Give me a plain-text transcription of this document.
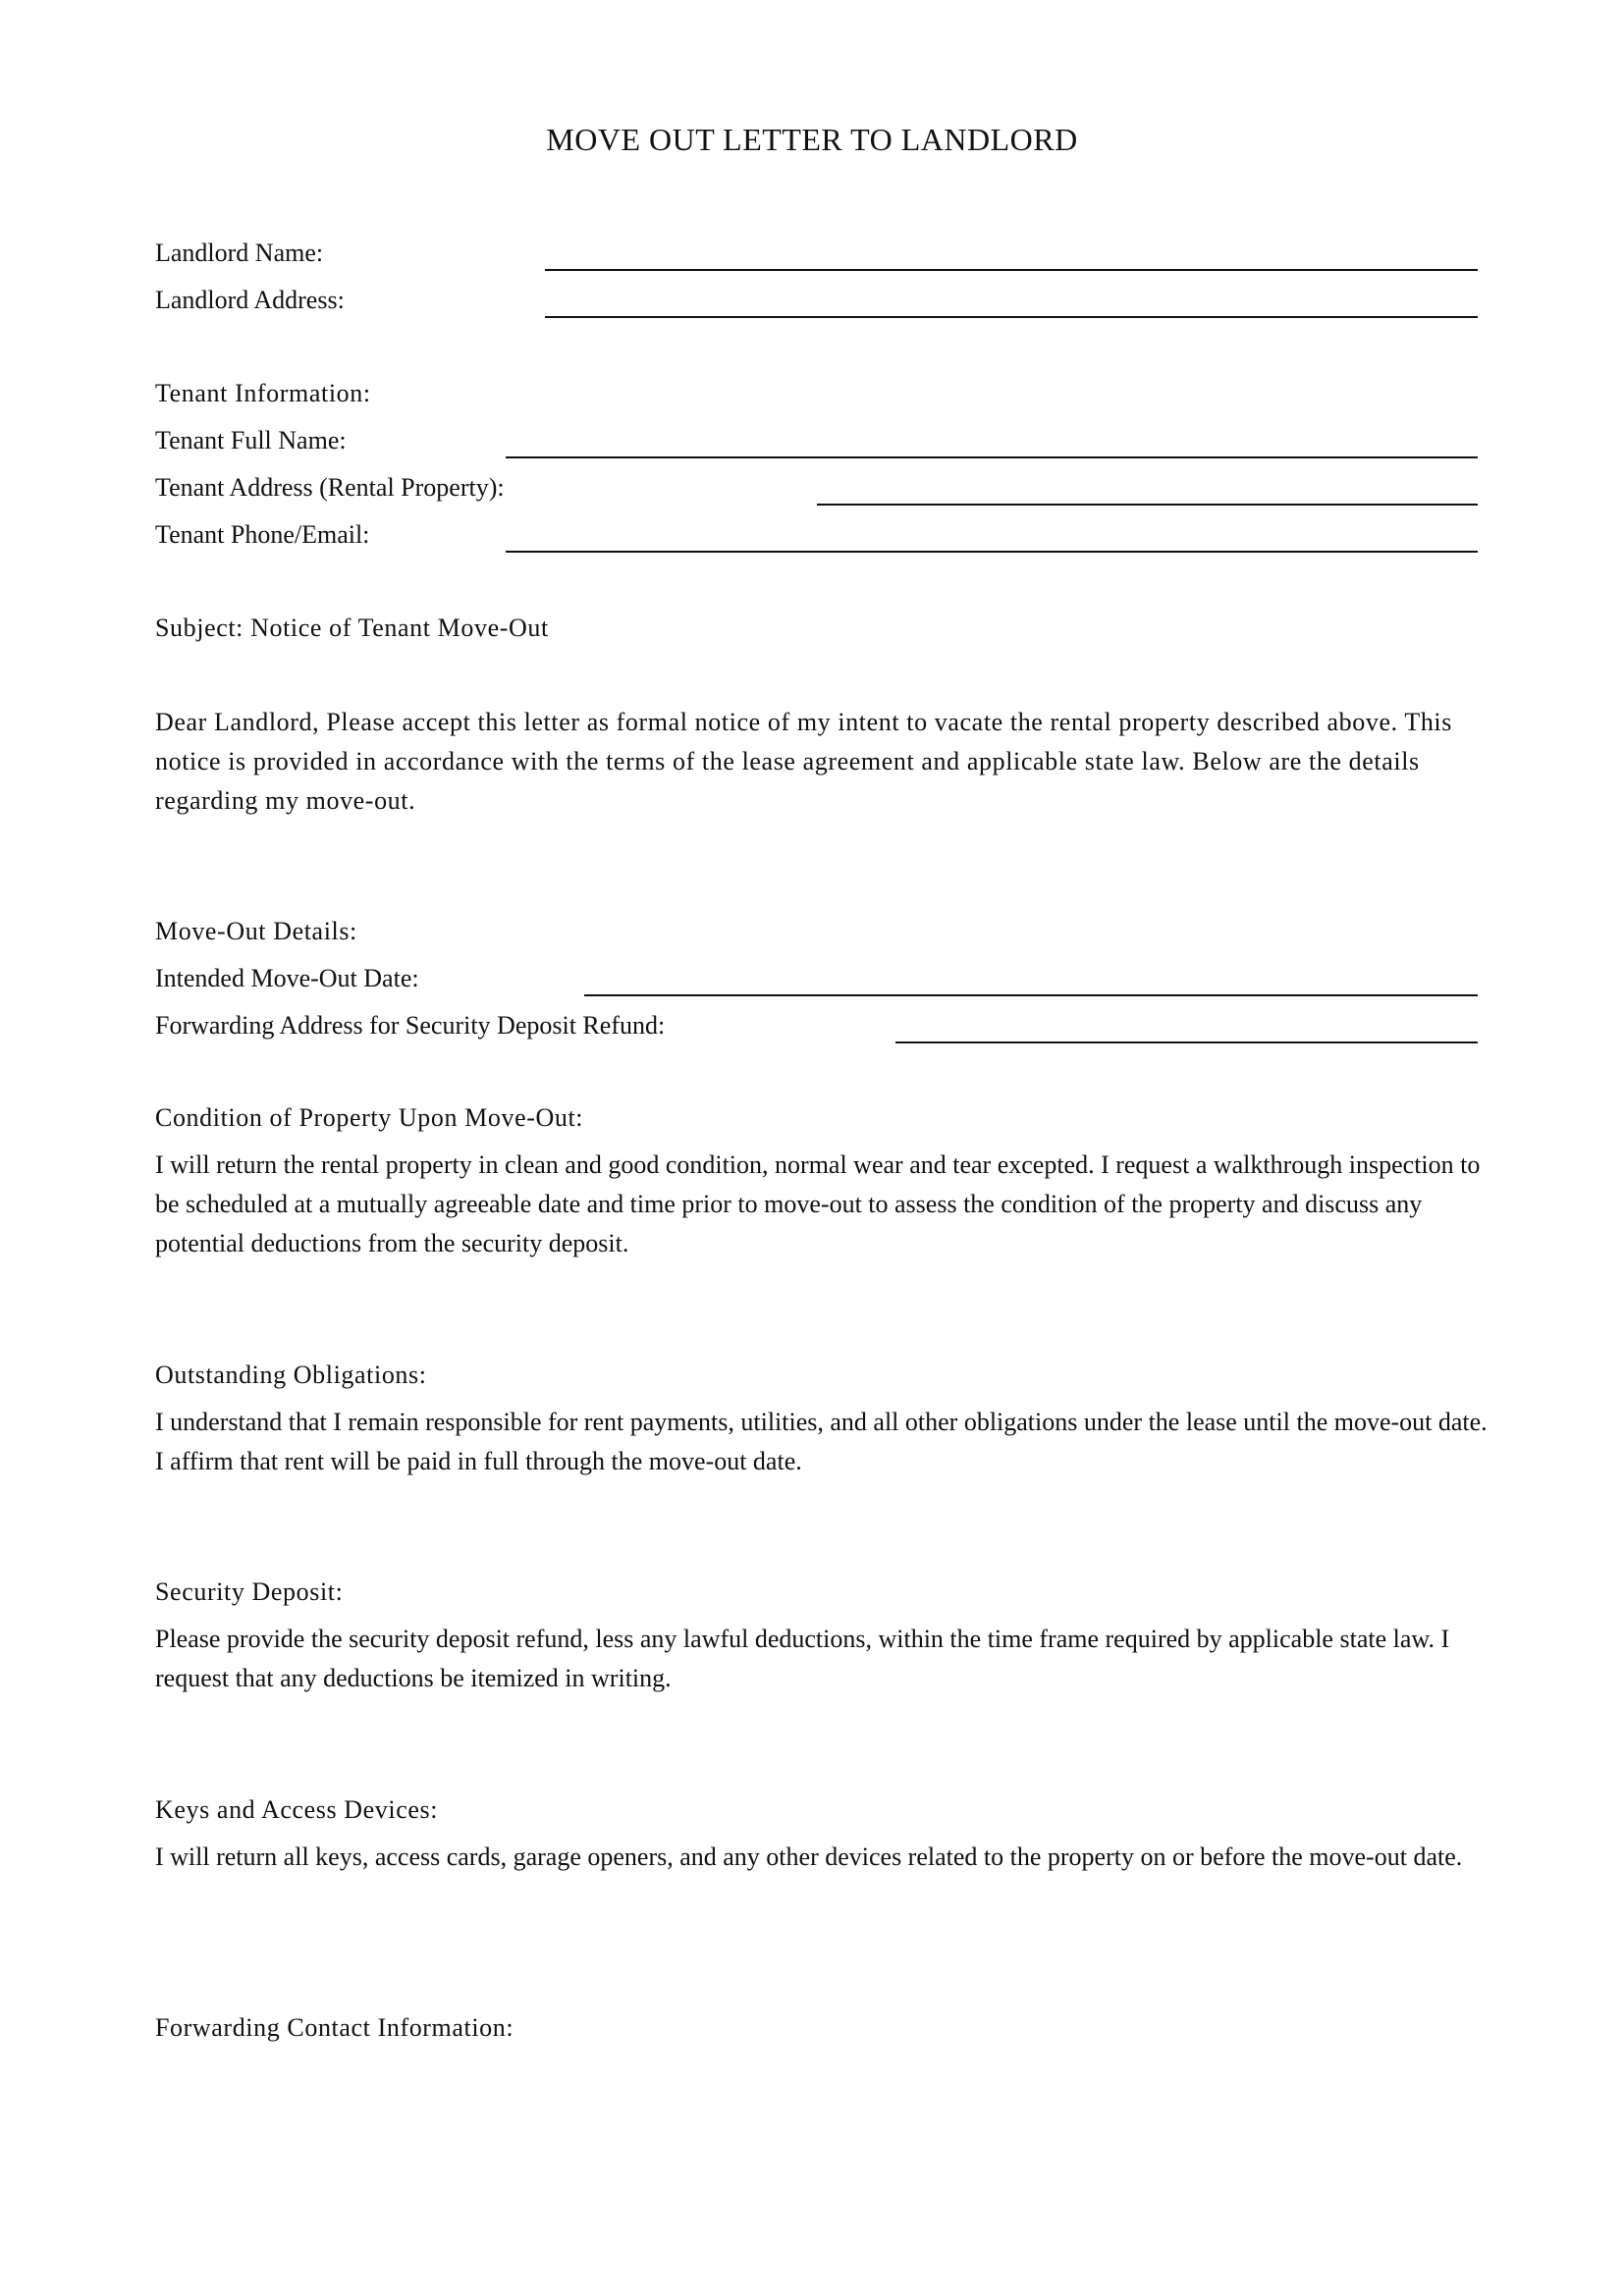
MOVE OUT LETTER TO LANDLORD
Landlord Name:
Landlord Address:
Tenant Information:
Tenant Full Name:
Tenant Address (Rental Property):
Tenant Phone/Email:
Subject: Notice of Tenant Move-Out

Dear Landlord, Please accept this letter as formal notice of my intent to vacate the rental property described above. This notice is provided in accordance with the terms of the lease agreement and applicable state law. Below are the details regarding my move-out.

Move-Out Details:
Intended Move-Out Date:
Forwarding Address for Security Deposit Refund:
Condition of Property Upon Move-Out:

I will return the rental property in clean and good condition, normal wear and tear excepted. I request a walkthrough inspection to be scheduled at a mutually agreeable date and time prior to move-out to assess the condition of the property and discuss any potential deductions from the security deposit.

Outstanding Obligations:

I understand that I remain responsible for rent payments, utilities, and all other obligations under the lease until the move-out date. I affirm that rent will be paid in full through the move-out date.

Security Deposit:

Please provide the security deposit refund, less any lawful deductions, within the time frame required by applicable state law. I request that any deductions be itemized in writing.

Keys and Access Devices:

I will return all keys, access cards, garage openers, and any other devices related to the property on or before the move-out date.

Forwarding Contact Information:
